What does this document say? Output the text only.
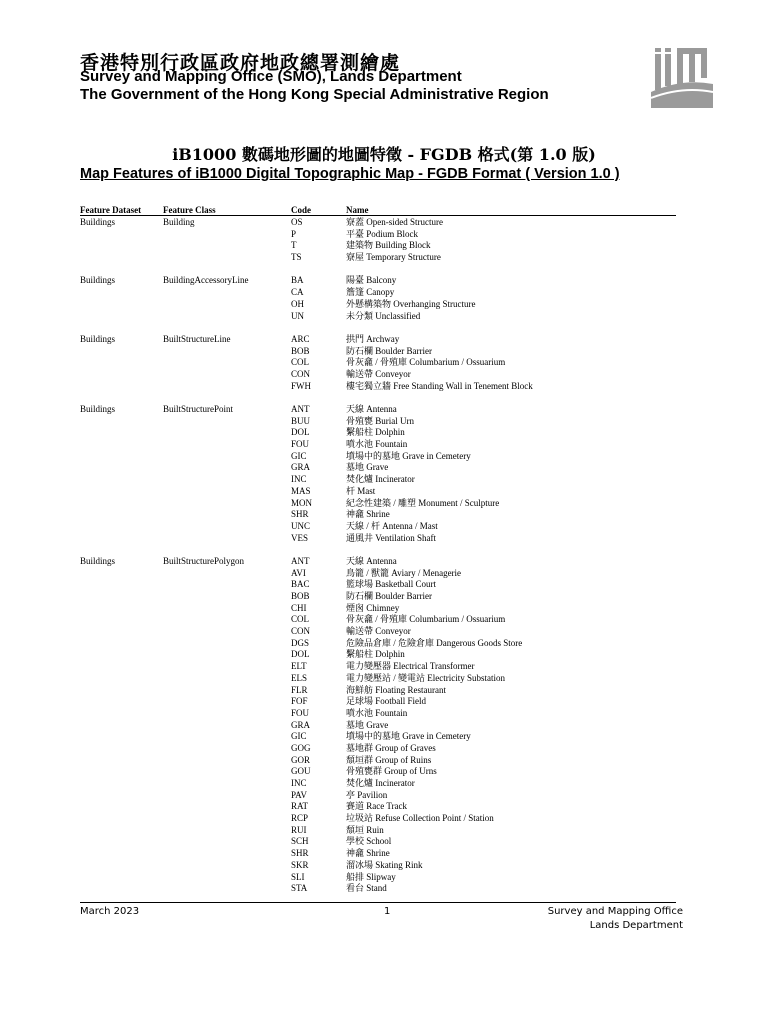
香港特別行政區政府地政總署測繪處
Survey and Mapping Office (SMO), Lands Department
The Government of the Hong Kong Special Administrative Region
iB1000 數碼地形圖的地圖特徵 - FGDB 格式(第 1.0 版)
Map Features of iB1000 Digital Topographic Map - FGDB Format ( Version 1.0 )
Feature Dataset Feature Class	Code	Name
Buildings	Building	OS	寮蓋 Open-sided Structure
P	平臺 Podium Block
T	建築物 Building Block
TS	寮屋 Temporary Structure
Buildings	BuildingAccessoryLine	BA	陽臺 Balcony
CA	簷篷 Canopy
OH	外懸構築物 Overhanging Structure
UN	未分類 Unclassified
Buildings	BuiltStructureLine	ARC	拱門 Archway
BOB	防石欄 Boulder Barrier
COL	骨灰龕 / 骨殖庫 Columbarium / Ossuarium
CON	輸送帶 Conveyor
FWH	樓宅獨立牆 Free Standing Wall in Tenement Block
Buildings	BuiltStructurePoint	ANT	天線 Antenna
BUU	骨殖甕 Burial Urn
DOL	繫船柱 Dolphin
FOU	噴水池 Fountain
GIC	墳場中的墓地 Grave in Cemetery
GRA	墓地 Grave
INC	焚化爐 Incinerator
MAS	杆 Mast
MON	紀念性建築 / 雕塑 Monument / Sculpture
SHR	神龕 Shrine
UNC	天線 / 杆 Antenna / Mast
VES	通風井 Ventilation Shaft
Buildings	BuiltStructurePolygon	ANT	天線 Antenna
AVI	鳥籠 / 獸籠 Aviary / Menagerie
BAC	籃球場 Basketball Court
BOB	防石欄 Boulder Barrier
CHI	煙囪 Chimney
COL	骨灰龕 / 骨殖庫 Columbarium / Ossuarium
CON	輸送帶 Conveyor
DGS	危險品倉庫 / 危險倉庫 Dangerous Goods Store
DOL	繫船柱 Dolphin
ELT	電力變壓器 Electrical Transformer
ELS	電力變壓站 / 變電站 Electricity Substation
FLR	海鮮舫 Floating Restaurant
FOF	足球場 Football Field
FOU	噴水池 Fountain
GRA	墓地 Grave
GIC	墳場中的墓地 Grave in Cemetery
GOG	墓地群 Group of Graves
GOR	頹垣群 Group of Ruins
GOU	骨殖甕群 Group of Urns
INC	焚化爐 Incinerator
PAV	亭 Pavilion
RAT	賽道 Race Track
RCP	垃圾站 Refuse Collection Point / Station
RUI	頹垣 Ruin
SCH	學校 School
SHR	神龕 Shrine
SKR	溜冰場 Skating Rink
SLI	船排 Slipway
STA	看台 Stand
March 2023	1	Survey and Mapping Office
Lands Department
